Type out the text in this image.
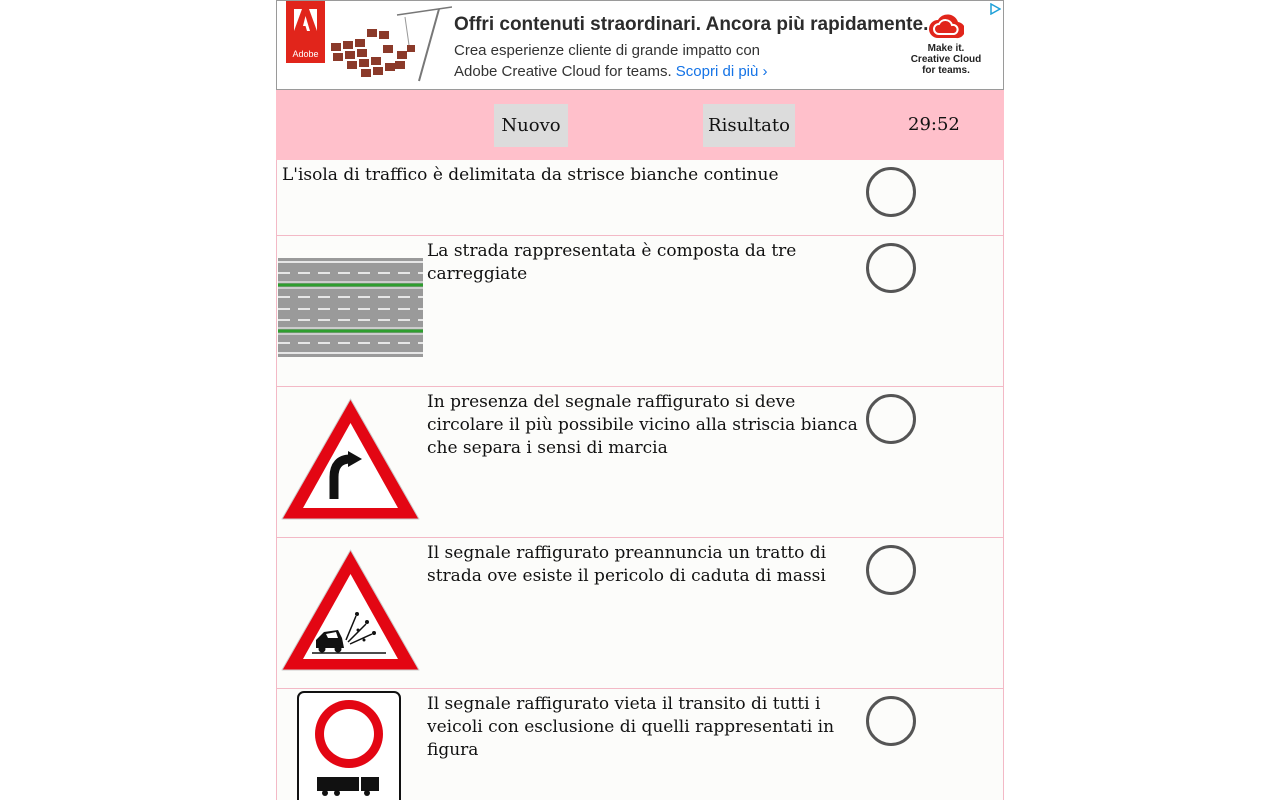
Adobe
Offri contenuti straordinari. Ancora più rapidamente.
Crea esperienze cliente di grande impatto con
Adobe Creative Cloud for teams. Scopri di più ›
Make it.
Creative Cloud
for teams.
Nuovo	Risultato	29:52
L'isola di traffico è delimitata da strisce bianche continue
La strada rappresentata è composta da tre carreggiate
In presenza del segnale raffigurato si deve circolare il più possibile vicino alla striscia bianca che separa i sensi di marcia
Il segnale raffigurato preannuncia un tratto di strada ove esiste il pericolo di caduta di massi
Il segnale raffigurato vieta il transito di tutti i veicoli con esclusione di quelli rappresentati in figura
